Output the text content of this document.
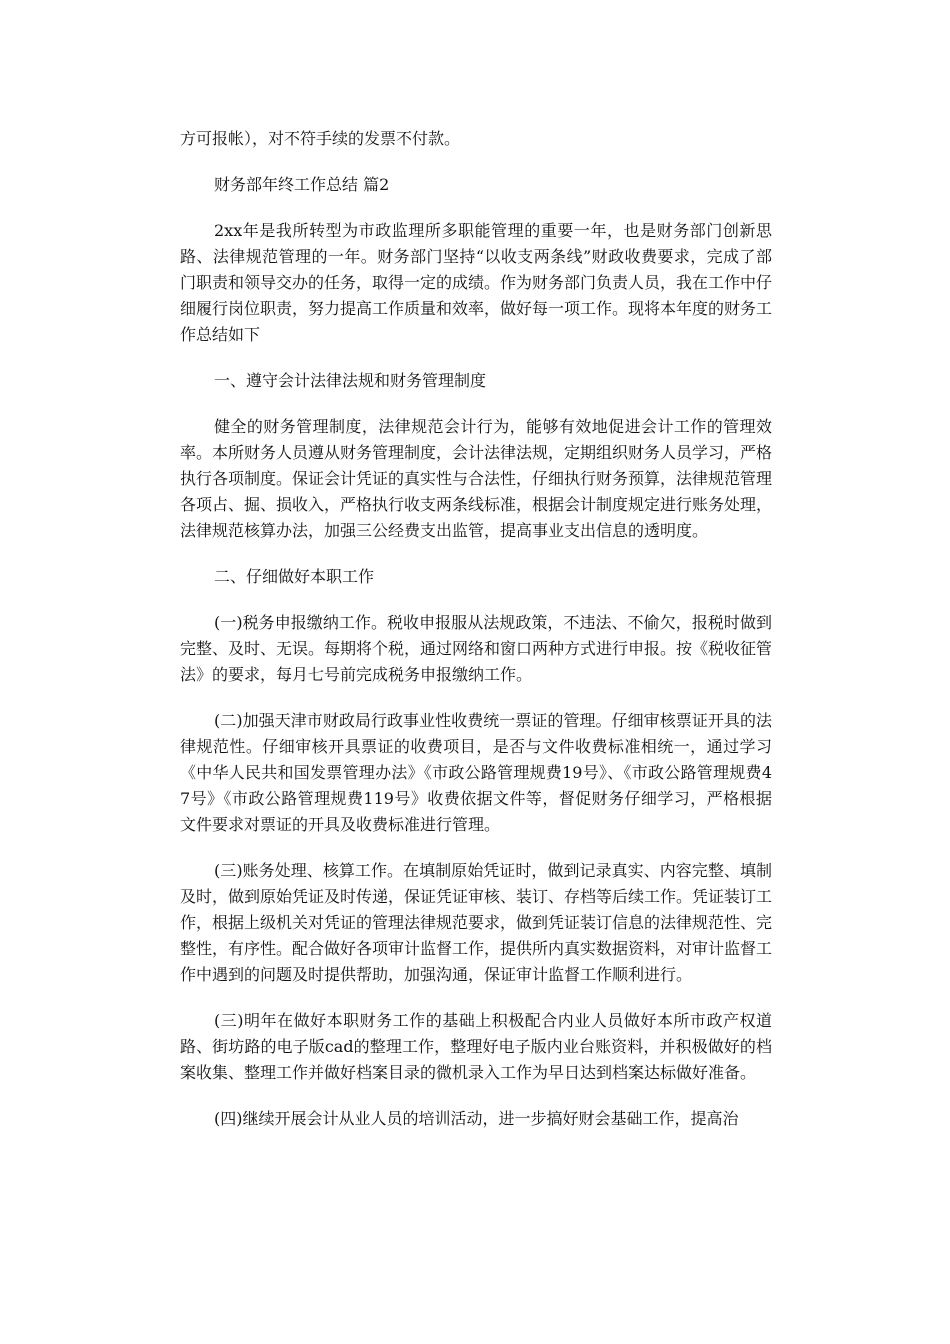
方可报帐），对不符手续的发票不付款。

财务部年终工作总结 篇2

2xx年是我所转型为市政监理所多职能管理的重要一年，也是财务部门创新思路、法律规范管理的一年。财务部门坚持“以收支两条线”财政收费要求，完成了部门职责和领导交办的任务，取得一定的成绩。作为财务部门负责人员，我在工作中仔细履行岗位职责，努力提高工作质量和效率，做好每一项工作。现将本年度的财务工作总结如下

一、遵守会计法律法规和财务管理制度

健全的财务管理制度，法律规范会计行为，能够有效地促进会计工作的管理效率。本所财务人员遵从财务管理制度，会计法律法规，定期组织财务人员学习，严格执行各项制度。保证会计凭证的真实性与合法性，仔细执行财务预算，法律规范管理各项占、掘、损收入，严格执行收支两条线标准，根据会计制度规定进行账务处理，法律规范核算办法，加强三公经费支出监管，提高事业支出信息的透明度。

二、仔细做好本职工作

(一)税务申报缴纳工作。税收申报服从法规政策，不违法、不偷欠，报税时做到完整、及时、无误。每期将个税，通过网络和窗口两种方式进行申报。按《税收征管法》的要求，每月七号前完成税务申报缴纳工作。

(二)加强天津市财政局行政事业性收费统一票证的管理。仔细审核票证开具的法律规范性。仔细审核开具票证的收费项目，是否与文件收费标准相统一，通过学习《中华人民共和国发票管理办法》《市政公路管理规费19号》、《市政公路管理规费47号》《市政公路管理规费119号》收费依据文件等，督促财务仔细学习，严格根据文件要求对票证的开具及收费标准进行管理。

(三)账务处理、核算工作。在填制原始凭证时，做到记录真实、内容完整、填制及时，做到原始凭证及时传递，保证凭证审核、装订、存档等后续工作。凭证装订工作，根据上级机关对凭证的管理法律规范要求，做到凭证装订信息的法律规范性、完整性，有序性。配合做好各项审计监督工作，提供所内真实数据资料，对审计监督工作中遇到的问题及时提供帮助，加强沟通，保证审计监督工作顺利进行。

(三)明年在做好本职财务工作的基础上积极配合内业人员做好本所市政产权道路、街坊路的电子版cad的整理工作，整理好电子版内业台账资料，并积极做好的档案收集、整理工作并做好档案目录的微机录入工作为早日达到档案达标做好准备。

(四)继续开展会计从业人员的培训活动，进一步搞好财会基础工作，提高治
